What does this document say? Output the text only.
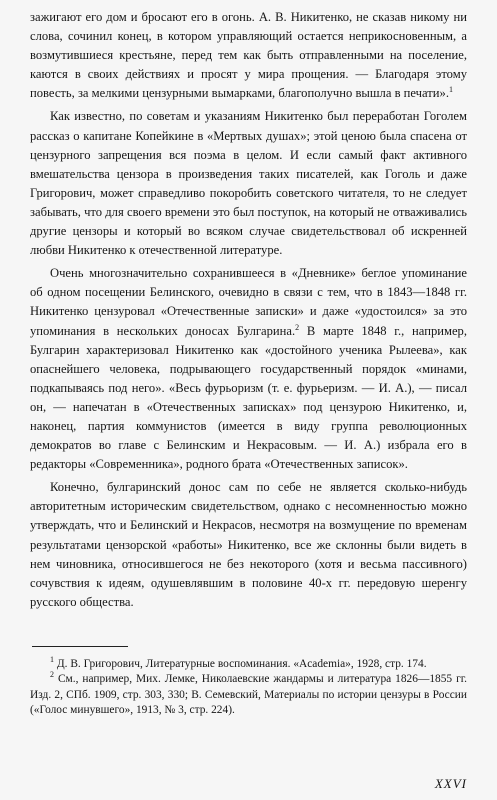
зажигают его дом и бросают его в огонь. А. В. Никитенко, не сказав никому ни слова, сочинил конец, в котором управляющий остается неприкосновенным, а возмутившиеся крестьяне, перед тем как быть отправленными на поселение, каются в своих действиях и просят у мира прощения. — Благодаря этому повесть, за мелкими цензурными вымарками, благополучно вышла в печати».$^1$

Как известно, по советам и указаниям Никитенко был переработан Гоголем рассказ о капитане Копейкине в «Мертвых душах»; этой ценою была спасена от цензурного запрещения вся поэма в целом. И если самый факт активного вмешательства цензора в произведения таких писателей, как Гоголь и даже Григорович, может справедливо покоробить советского читателя, то не следует забывать, что для своего времени это был поступок, на который не отваживались другие цензоры и который во всяком случае свидетельствовал об искренней любви Никитенко к отечественной литературе.

Очень многозначительно сохранившееся в «Дневнике» беглое упоминание об одном посещении Белинского, очевидно в связи с тем, что в 1843—1848 гг. Никитенко цензуровал «Отечественные записки» и даже «удостоился» за это упоминания в нескольких доносах Булгарина.$^2$ В марте 1848 г., например, Булгарин характеризовал Никитенко как «достойного ученика Рылеева», как опаснейшего человека, подрывающего государственный порядок «минами, подкапываясь под него». «Весь фурьоризм (т. е. фурьеризм. — И. А.), — писал он, — напечатан в «Отечественных записках» под цензурою Никитенко, и, наконец, партия коммунистов (имеется в виду группа революционных демократов во главе с Белинским и Некрасовым. — И. А.) избрала его в редакторы «Современника», родного брата «Отечественных записок».

Конечно, булгаринский донос сам по себе не является сколько-нибудь авторитетным историческим свидетельством, однако с несомненностью можно утверждать, что и Белинский и Некрасов, несмотря на возмущение по временам результатами цензорской «работы» Никитенко, все же склонны были видеть в нем чиновника, относившегося не без некоторого (хотя и весьма пассивного) сочувствия к идеям, одушевлявшим в половине 40-х гг. передовую шеренгу русского общества.

$^1$ Д. В. Григорович, Литературные воспоминания. «Academia», 1928, стр. 174.

$^2$ См., например, Мих. Лемке, Николаевские жандармы и литература 1826—1855 гг. Изд. 2, СПб. 1909, стр. 303, 330; В. Семевский, Материалы по истории цензуры в России («Голос минувшего», 1913, № 3, стр. 224).

XXVI
